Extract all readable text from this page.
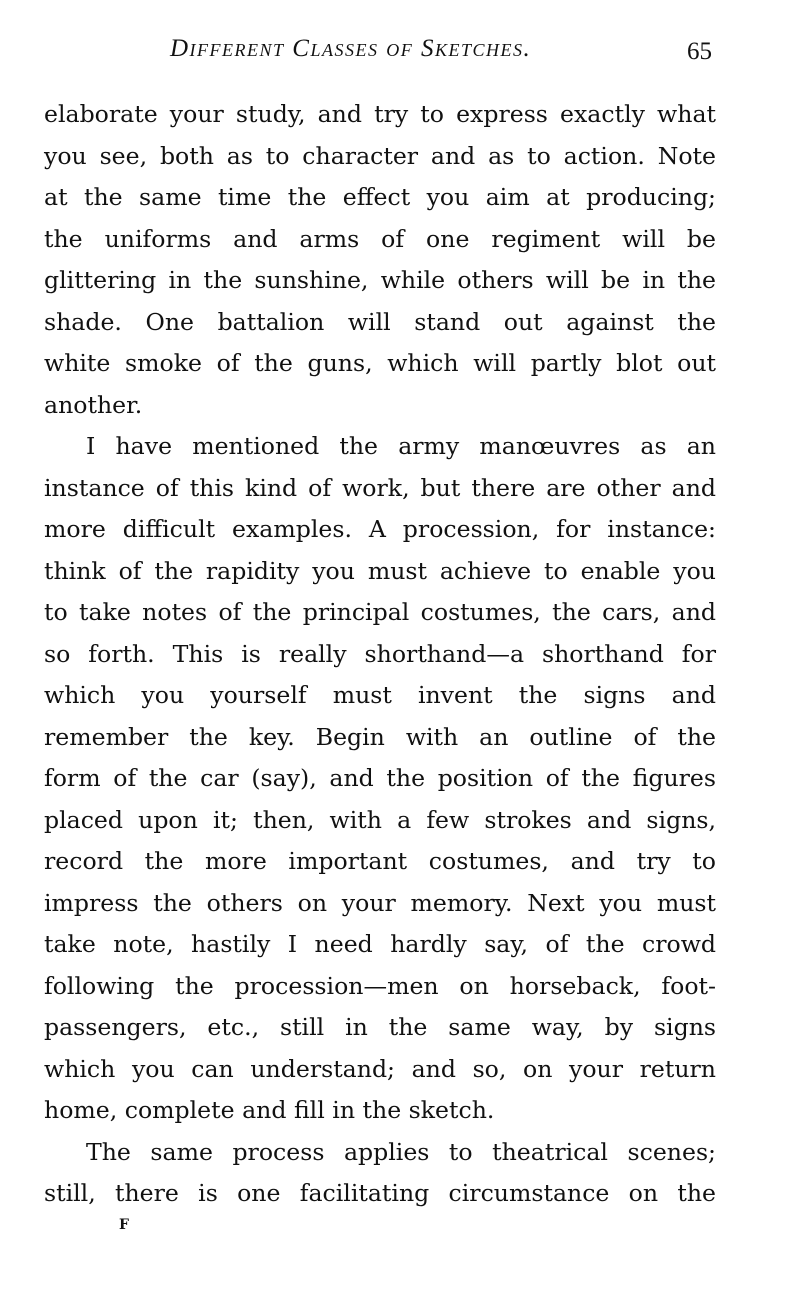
Different Classes of Sketches.	65
elaborate your study, and try to express exactly what
you see, both as to character and as to action. Note
at the same time the effect you aim at producing;
the uniforms and arms of one regiment will be
glittering in the sunshine, while others will be in the
shade. One battalion will stand out against the
white smoke of the guns, which will partly blot out
another.
I have mentioned the army manœuvres as an
instance of this kind of work, but there are other and
more difficult examples. A procession, for instance:
think of the rapidity you must achieve to enable you
to take notes of the principal costumes, the cars, and
so forth. This is really shorthand—a shorthand for
which you yourself must invent the signs and
remember the key. Begin with an outline of the
form of the car (say), and the position of the figures
placed upon it; then, with a few strokes and signs,
record the more important costumes, and try to
impress the others on your memory. Next you must
take note, hastily I need hardly say, of the crowd
following the procession—men on horseback, foot-
passengers, etc., still in the same way, by signs
which you can understand; and so, on your return
home, complete and fill in the sketch.
The same process applies to theatrical scenes;
still, there is one facilitating circumstance on the
F
